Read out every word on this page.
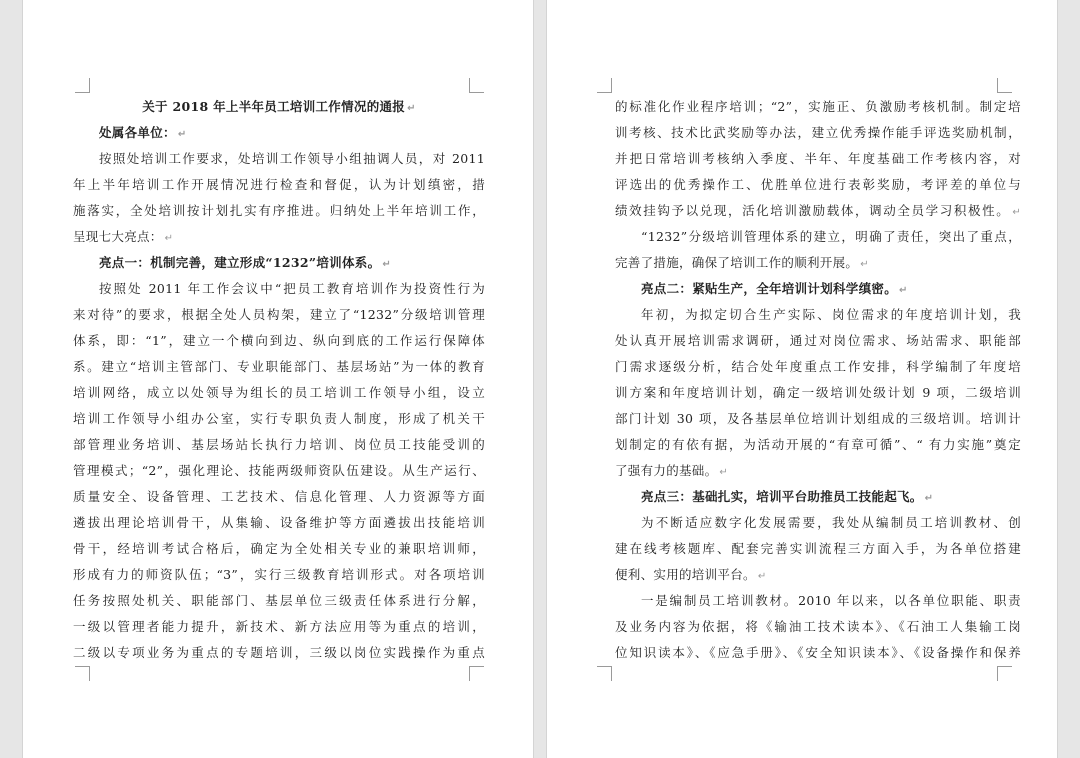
关于 2018 年上半年员工培训工作情况的通报 ↵
处属各单位： ↵
按照处培训工作要求，处培训工作领导小组抽调人员，对 2011
年上半年培训工作开展情况进行检查和督促，认为计划缜密，措
施落实，全处培训按计划扎实有序推进。归纳处上半年培训工作，
呈现七大亮点： ↵
亮点一：机制完善，建立形成“1232”培训体系。 ↵
按照处 2011 年工作会议中“把员工教育培训作为投资性行为
来对待”的要求，根据全处人员构架，建立了“1232”分级培训管理
体系，即：“1”，建立一个横向到边、纵向到底的工作运行保障体
系。建立“培训主管部门、专业职能部门、基层场站”为一体的教育
培训网络，成立以处领导为组长的员工培训工作领导小组，设立
培训工作领导小组办公室，实行专职负责人制度，形成了机关干
部管理业务培训、基层场站长执行力培训、岗位员工技能受训的
管理模式；“2”，强化理论、技能两级师资队伍建设。从生产运行、
质量安全、设备管理、工艺技术、信息化管理、人力资源等方面
遴拔出理论培训骨干，从集输、设备维护等方面遴拔出技能培训
骨干，经培训考试合格后，确定为全处相关专业的兼职培训师，
形成有力的师资队伍；“3”，实行三级教育培训形式。对各项培训
任务按照处机关、职能部门、基层单位三级责任体系进行分解，
一级以管理者能力提升，新技术、新方法应用等为重点的培训，
二级以专项业务为重点的专题培训，三级以岗位实践操作为重点
的标准化作业程序培训；“2”，实施正、负激励考核机制。制定培
训考核、技术比武奖励等办法，建立优秀操作能手评选奖励机制，
并把日常培训考核纳入季度、半年、年度基础工作考核内容，对
评选出的优秀操作工、优胜单位进行表彰奖励，考评差的单位与
绩效挂钩予以兑现，活化培训激励载体，调动全员学习积极性。 ↵
“1232”分级培训管理体系的建立，明确了责任，突出了重点，
完善了措施，确保了培训工作的顺利开展。 ↵
亮点二：紧贴生产，全年培训计划科学缜密。 ↵
年初，为拟定切合生产实际、岗位需求的年度培训计划，我
处认真开展培训需求调研，通过对岗位需求、场站需求、职能部
门需求逐级分析，结合处年度重点工作安排，科学编制了年度培
训方案和年度培训计划，确定一级培训处级计划 9 项，二级培训
部门计划 30 项，及各基层单位培训计划组成的三级培训。培训计
划制定的有依有据，为活动开展的“有章可循”、“ 有力实施”奠定
了强有力的基础。 ↵
亮点三：基础扎实，培训平台助推员工技能起飞。 ↵
为不断适应数字化发展需要，我处从编制员工培训教材、创
建在线考核题库、配套完善实训流程三方面入手，为各单位搭建
便利、实用的培训平台。 ↵
一是编制员工培训教材。2010 年以来，以各单位职能、职责
及业务内容为依据，将《输油工技术读本》、《石油工人集输工岗
位知识读本》、《应急手册》、《安全知识读本》、《设备操作和保养
